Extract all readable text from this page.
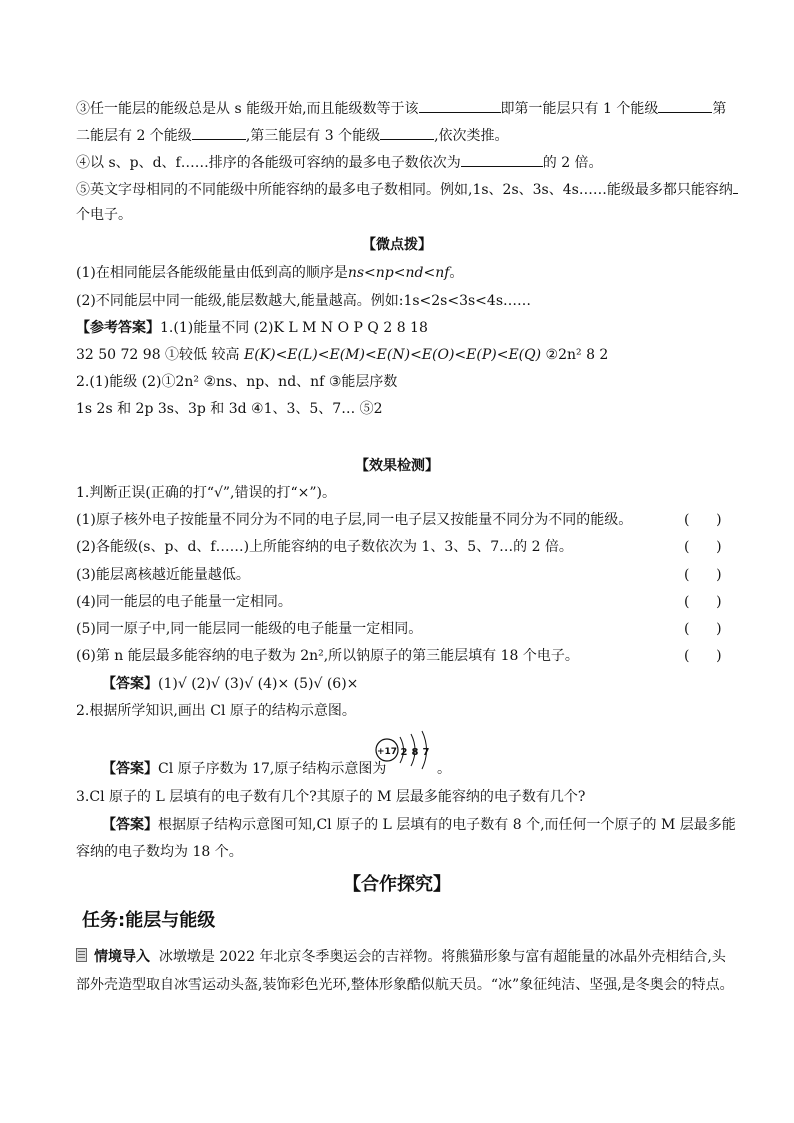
③任一能层的能级总是从 s 能级开始,而且能级数等于该	即第一能层只有 1 个能级	第
二能层有 2 个能级	,第三能层有 3 个能级	,依次类推。
④以 s、p、d、f……排序的各能级可容纳的最多电子数依次为	的 2 倍。
⑤英文字母相同的不同能级中所能容纳的最多电子数相同。例如,1s、2s、3s、4s……能级最多都只能容纳
个电子。
【微点拨】
(1)在相同能层各能级能量由低到高的顺序是ns<np<nd<nf。
(2)不同能层中同一能级,能层数越大,能量越高。例如:1s<2s<3s<4s……
【参考答案】1.(1)能量不同 (2)K L M N O P Q 2 8 18
32 50 72 98 ①较低 较高 E(K)<E(L)<E(M)<E(N)<E(O)<E(P)<E(Q) ②2n² 8 2
2.(1)能级 (2)①2n² ②ns、np、nd、nf ③能层序数
1s 2s 和 2p 3s、3p 和 3d ④1、3、5、7… ⑤2
【效果检测】
1.判断正误(正确的打“√”,错误的打“×”)。
(1)原子核外电子按能量不同分为不同的电子层,同一电子层又按能量不同分为不同的能级。	(      )
(2)各能级(s、p、d、f……)上所能容纳的电子数依次为 1、3、5、7…的 2 倍。	(      )
(3)能层离核越近能量越低。	(      )
(4)同一能层的电子能量一定相同。	(      )
(5)同一原子中,同一能层同一能级的电子能量一定相同。	(      )
(6)第 n 能层最多能容纳的电子数为 2n²,所以钠原子的第三能层填有 18 个电子。	(      )
【答案】(1)√ (2)√ (3)√ (4)× (5)√ (6)×
2.根据所学知识,画出 Cl 原子的结构示意图。
【答案】Cl 原子序数为 17,原子结构示意图为
+17 2 8 7
。
3.Cl 原子的 L 层填有的电子数有几个?其原子的 M 层最多能容纳的电子数有几个?
【答案】根据原子结构示意图可知,Cl 原子的 L 层填有的电子数有 8 个,而任何一个原子的 M 层最多能
容纳的电子数均为 18 个。
【合作探究】
任务:能层与能级
情境导入 冰墩墩是 2022 年北京冬季奥运会的吉祥物。将熊猫形象与富有超能量的冰晶外壳相结合,头
部外壳造型取自冰雪运动头盔,装饰彩色光环,整体形象酷似航天员。“冰”象征纯洁、坚强,是冬奥会的特点。
